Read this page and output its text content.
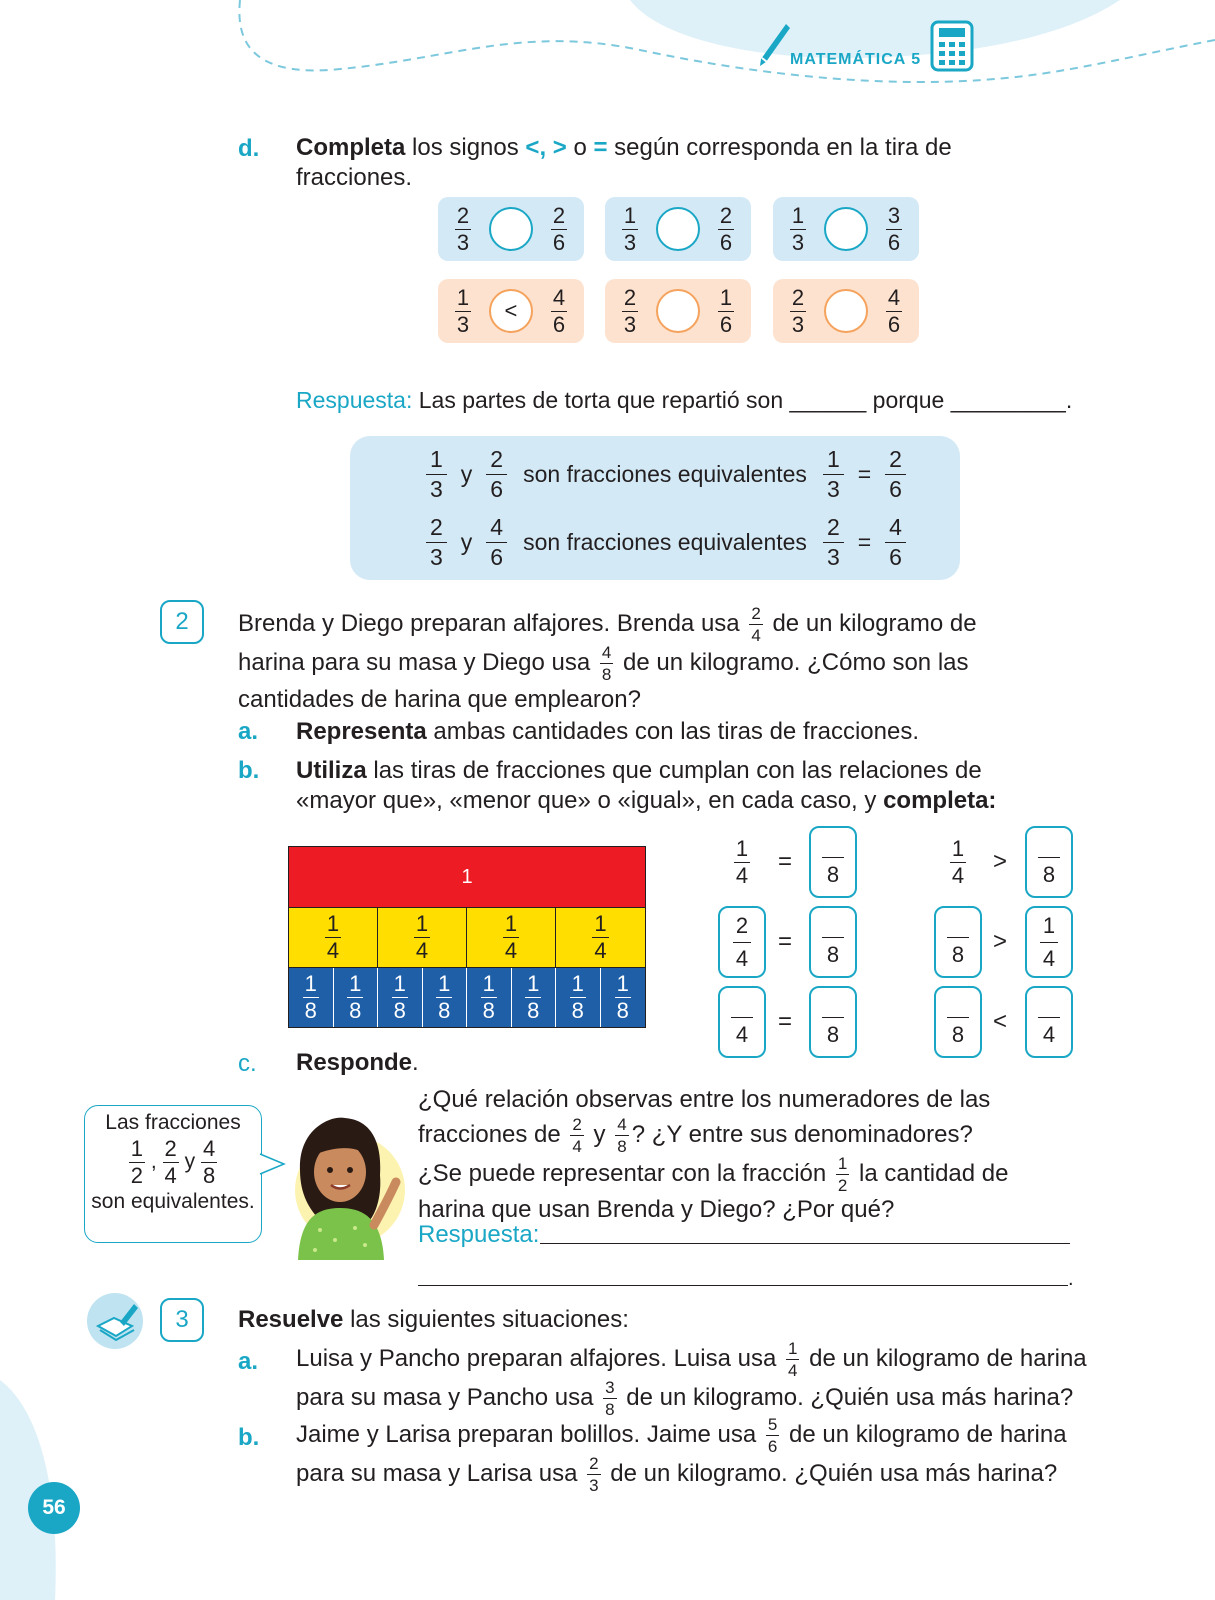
MATEMÁTICA 5
d. Completa los signos <, > o = según corresponda en la tira de
fracciones.
2
3
2
6
1
3
2
6
1
3
3
6
1
3
<
4
6
2
3
1
6
2
3
4
6
Respuesta: Las partes de torta que repartió son ______ porque _________.
1
3
y
2
6
son fracciones equivalentes $\frac{1}{3} = \frac{2}{6}$
2
3
y
4
6
son fracciones equivalentes $\frac{2}{3} = \frac{4}{6}$
2	Brenda y Diego preparan alfajores. Brenda usa $\frac{2}{4}$ de un kilogramo de
harina para su masa y Diego usa $\frac{4}{8}$ de un kilogramo. ¿Cómo son las
cantidades de harina que emplearon?
a. Representa ambas cantidades con las tiras de fracciones.
b. Utiliza las tiras de fracciones que cumplan con las relaciones de
«mayor que», «menor que» o «igual», en cada caso, y completa:
1
1
4
1
4
1
4
1
4
1
8
1
8
1
8
1
8
1
8
1
8
1
8
1
8
1
4 = 8
$\frac{2}{4} = 8$
4 = 8
1
4 > 8
$8 > \frac{1}{4}$
8 < 4
c. Responde.
Las fracciones
$\frac{1}{2}$ , $\frac{2}{4}$ y $\frac{4}{8}$
son equivalentes.
¿Qué relación observas entre los numeradores de las
fracciones de $\frac{2}{4}$ y $\frac{4}{8}$ ? ¿Y entre sus denominadores?
¿Se puede representar con la fracción $\frac{1}{2}$ la cantidad de
harina que usan Brenda y Diego? ¿Por qué?
Respuesta:
.
3	Resuelve las siguientes situaciones:
a. Luisa y Pancho preparan alfajores. Luisa usa $\frac{1}{4}$ de un kilogramo de harina
para su masa y Pancho usa $\frac{3}{8}$ de un kilogramo. ¿Quién usa más harina?
b. Jaime y Larisa preparan bolillos. Jaime usa $\frac{5}{6}$ de un kilogramo de harina
para su masa y Larisa usa $\frac{2}{3}$ de un kilogramo. ¿Quién usa más harina?
56
